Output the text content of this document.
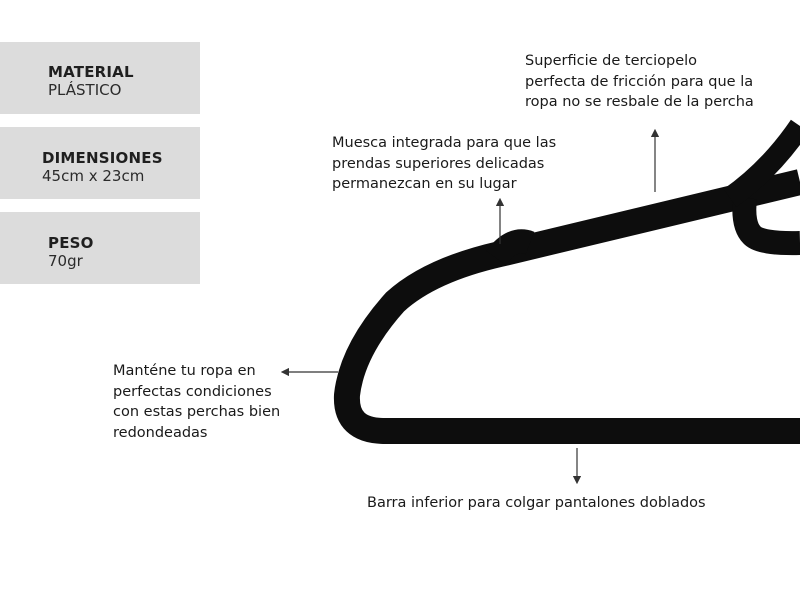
MATERIAL
PLÁSTICO
DIMENSIONES
45cm x 23cm
PESO
70gr
Superficie de terciopelo
perfecta de fricción para que la
ropa no se resbale de la percha
Muesca integrada para que las
prendas superiores delicadas
permanezcan en su lugar
Manténe tu ropa en
perfectas condiciones
con estas perchas bien
redondeadas
Barra inferior para colgar pantalones doblados
